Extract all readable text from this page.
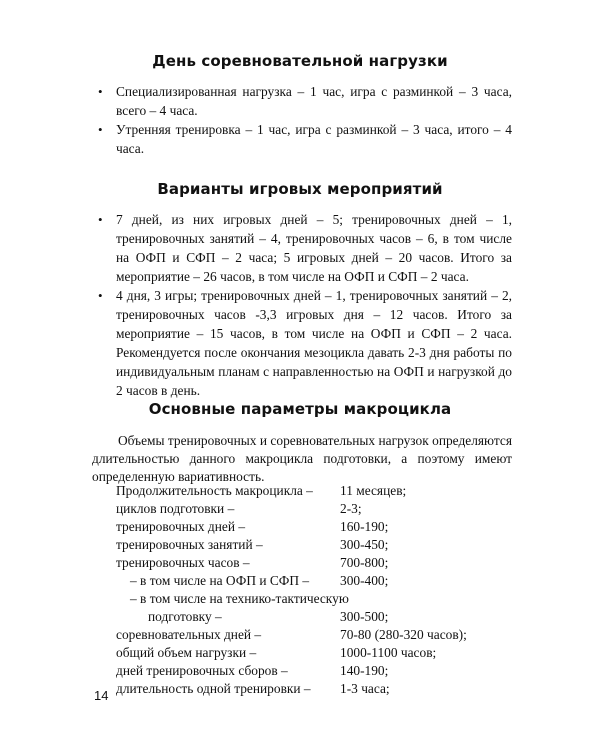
День соревновательной нагрузки
• Специализированная нагрузка – 1 час, игра с разминкой – 3 часа, всего – 4 часа.
• Утренняя тренировка – 1 час, игра с разминкой – 3 часа, итого – 4 часа.
Варианты игровых мероприятий
• 7 дней, из них игровых дней – 5; тренировочных дней – 1, тренировочных занятий – 4, тренировочных часов – 6, в том числе на ОФП и СФП – 2 часа; 5 игровых дней – 20 часов. Итого за мероприятие – 26 часов, в том числе на ОФП и СФП – 2 часа.
• 4 дня, 3 игры; тренировочных дней – 1, тренировочных занятий – 2, тренировочных часов -3,3 игровых дня – 12 часов. Итого за мероприятие – 15 часов, в том числе на ОФП и СФП – 2 часа. Рекомендуется после окончания мезоцикла давать 2-3 дня работы по индивидуальным планам с направленностью на ОФП и нагрузкой до 2 часов в день.
Основные параметры макроцикла

Объемы тренировочных и соревновательных нагрузок определяются длительностью данного макроцикла подготовки, а поэтому имеют определенную вариативность.

Продолжительность макроцикла – 11 месяцев;
циклов подготовки –	2-3;
тренировочных дней –	160-190;
тренировочных занятий –	300-450;
тренировочных часов –	700-800;
– в том числе на ОФП и СФП – 300-400;
– в том числе на технико-тактическую
подготовку –	300-500;
соревновательных дней –	70-80 (280-320 часов);
общий объем нагрузки –	1000-1100 часов;
дней тренировочных сборов –	140-190;
длительность одной тренировки – 1-3 часа;
14
